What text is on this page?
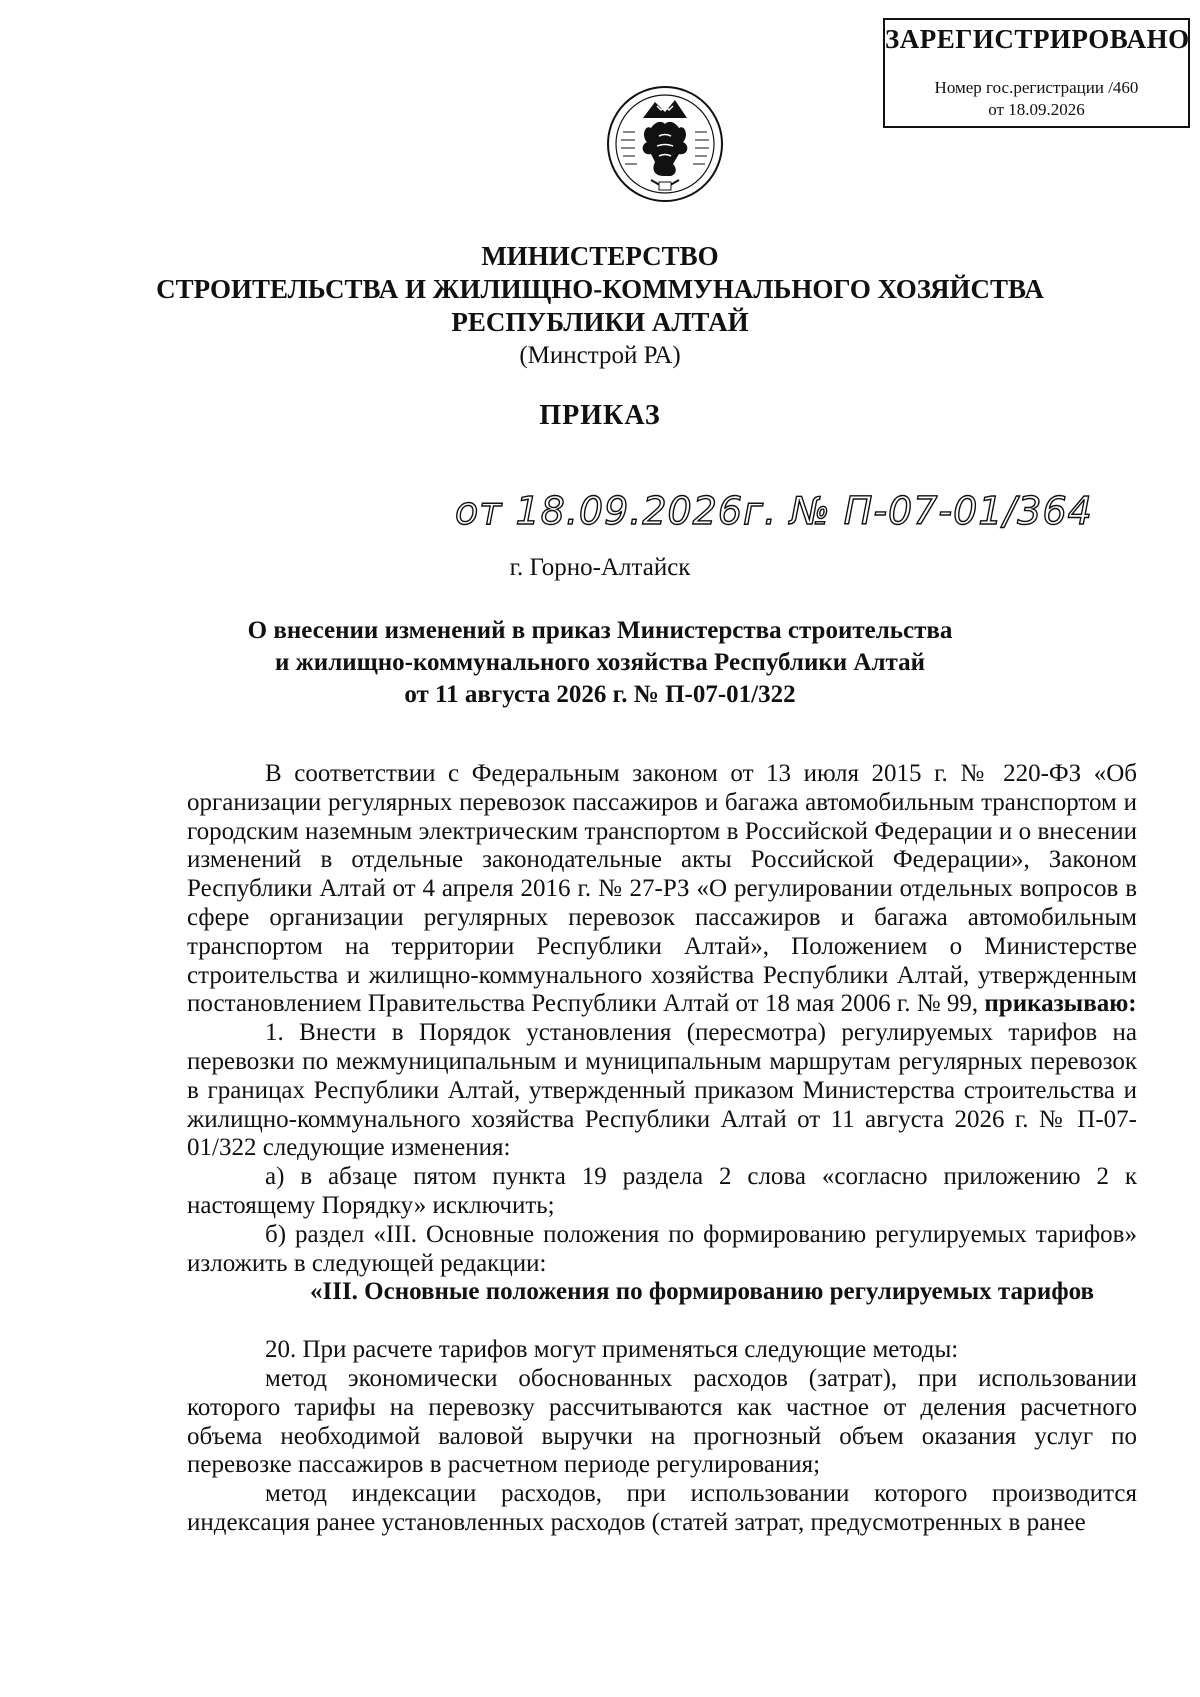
ЗАРЕГИСТРИРОВАНО
Номер гос.регистрации /460
от 18.09.2026
МИНИСТЕРСТВО
СТРОИТЕЛЬСТВА И ЖИЛИЩНО-КОММУНАЛЬНОГО ХОЗЯЙСТВА
РЕСПУБЛИКИ АЛТАЙ
(Минстрой РА)
ПРИКАЗ
от 18.09.2026г. № П-07-01/364
г. Горно-Алтайск
О внесении изменений в приказ Министерства строительства
и жилищно-коммунального хозяйства Республики Алтай
от 11 августа 2026 г. № П-07-01/322

В соответствии с Федеральным законом от 13 июля 2015 г. № 220-ФЗ «Об организации регулярных перевозок пассажиров и багажа автомобильным транспортом и городским наземным электрическим транспортом в Российской Федерации и о внесении изменений в отдельные законодательные акты Российской Федерации», Законом Республики Алтай от 4 апреля 2016 г. № 27-РЗ «О регулировании отдельных вопросов в сфере организации регулярных перевозок пассажиров и багажа автомобильным транспортом на территории Республики Алтай», Положением о Министерстве строительства и жилищно-коммунального хозяйства Республики Алтай, утвержденным постановлением Правительства Республики Алтай от 18 мая 2006 г. № 99, приказываю:

1. Внести в Порядок установления (пересмотра) регулируемых тарифов на перевозки по межмуниципальным и муниципальным маршрутам регулярных перевозок в границах Республики Алтай, утвержденный приказом Министерства строительства и жилищно-коммунального хозяйства Республики Алтай от 11 августа 2026 г. № П-07-01/322 следующие изменения:

а) в абзаце пятом пункта 19 раздела 2 слова «согласно приложению 2 к настоящему Порядку» исключить;

б) раздел «III. Основные положения по формированию регулируемых тарифов» изложить в следующей редакции:

«III. Основные положения по формированию регулируемых тарифов

20. При расчете тарифов могут применяться следующие методы:

метод экономически обоснованных расходов (затрат), при использовании которого тарифы на перевозку рассчитываются как частное от деления расчетного объема необходимой валовой выручки на прогнозный объем оказания услуг по перевозке пассажиров в расчетном периоде регулирования;

метод индексации расходов, при использовании которого производится индексация ранее установленных расходов (статей затрат, предусмотренных в ранее
